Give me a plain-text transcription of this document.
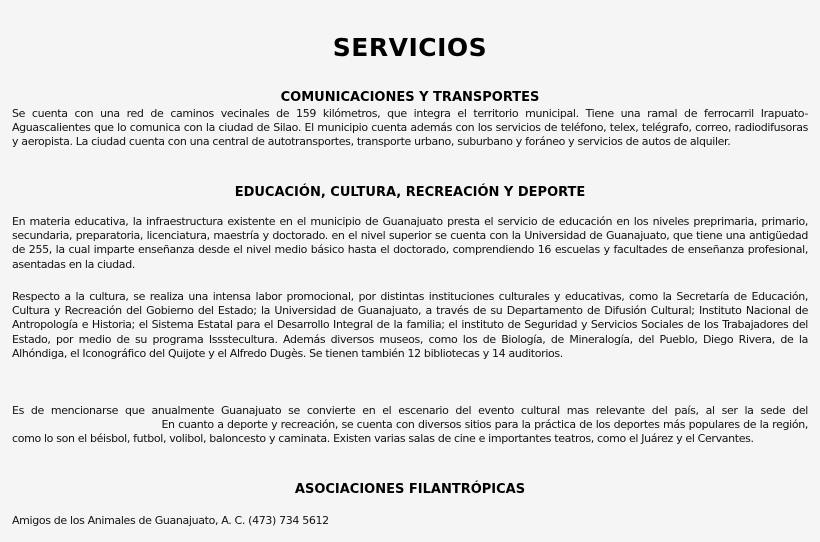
SERVICIOS
COMUNICACIONES Y TRANSPORTES

Se cuenta con una red de caminos vecinales de 159 kilómetros, que integra el territorio municipal. Tiene una ramal de ferrocarril Irapuato-Aguascalientes que lo comunica con la ciudad de Silao. El municipio cuenta además con los servicios de teléfono, telex, telégrafo, correo, radiodifusoras y aeropista. La ciudad cuenta con una central de autotransportes, transporte urbano, suburbano y foráneo y servicios de autos de alquiler.

EDUCACIÓN, CULTURA, RECREACIÓN Y DEPORTE

En materia educativa, la infraestructura existente en el municipio de Guanajuato presta el servicio de educación en los niveles preprimaria, primario, secundaria, preparatoria, licenciatura, maestría y doctorado. en el nivel superior se cuenta con la Universidad de Guanajuato, que tiene una antigüedad de 255, la cual imparte enseñanza desde el nivel medio básico hasta el doctorado, comprendiendo 16 escuelas y facultades de enseñanza profesional, asentadas en la ciudad.

Respecto a la cultura, se realiza una intensa labor promocional, por distintas instituciones culturales y educativas, como la Secretaría de Educación, Cultura y Recreación del Gobierno del Estado; la Universidad de Guanajuato, a través de su Departamento de Difusión Cultural; Instituto Nacional de Antropología e Historia; el Sistema Estatal para el Desarrollo Integral de la familia; el instituto de Seguridad y Servicios Sociales de los Trabajadores del Estado, por medio de su programa Issstecultura. Además diversos museos, como los de Biología, de Mineralogía, del Pueblo, Diego Rivera, de la Alhóndiga, el Iconográfico del Quijote y el Alfredo Dugès. Se tienen también 12 bibliotecas y 14 auditorios.

Es de mencionarse que anualmente Guanajuato se convierte en el escenario del evento cultural mas relevante del país, al ser la sede del  En cuanto a deporte y recreación, se cuenta con diversos sitios para la práctica de los deportes más populares de la región, como lo son el béisbol, futbol, volibol, baloncesto y caminata. Existen varias salas de cine e importantes teatros, como el Juárez y el Cervantes.

ASOCIACIONES FILANTRÓPICAS

Amigos de los Animales de Guanajuato, A. C. (473) 734 5612
